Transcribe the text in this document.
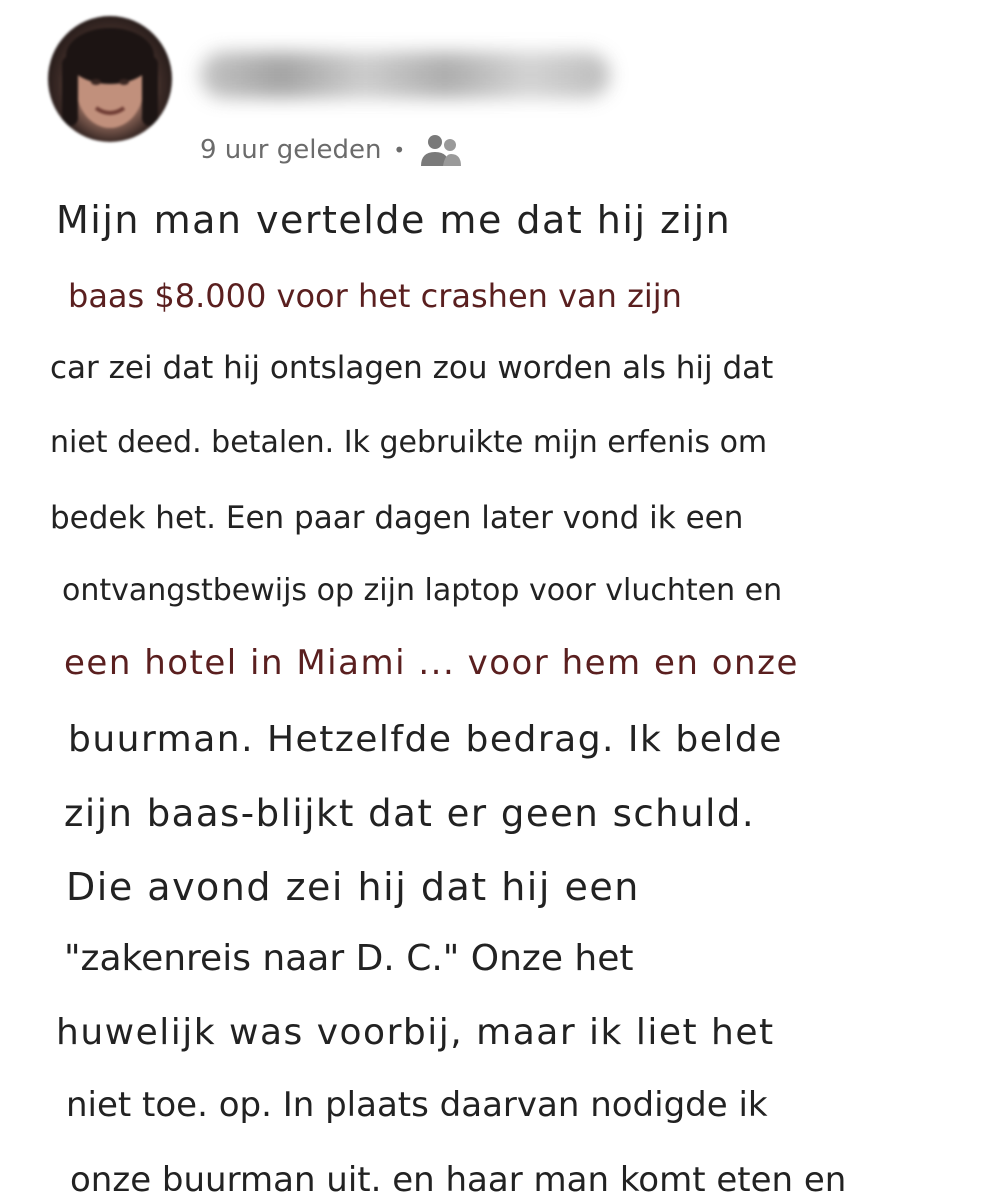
9 uur geleden •
Mijn man vertelde me dat hij zijn
baas $8.000 voor het crashen van zijn
car zei dat hij ontslagen zou worden als hij dat
niet deed. betalen. Ik gebruikte mijn erfenis om
bedek het. Een paar dagen later vond ik een
ontvangstbewijs op zijn laptop voor vluchten en
een hotel in Miami ... voor hem en onze
buurman. Hetzelfde bedrag. Ik belde
zijn baas-blijkt dat er geen schuld.
Die avond zei hij dat hij een
"zakenreis naar D. C." Onze het
huwelijk was voorbij, maar ik liet het
niet toe. op. In plaats daarvan nodigde ik
onze buurman uit. en haar man komt eten en
